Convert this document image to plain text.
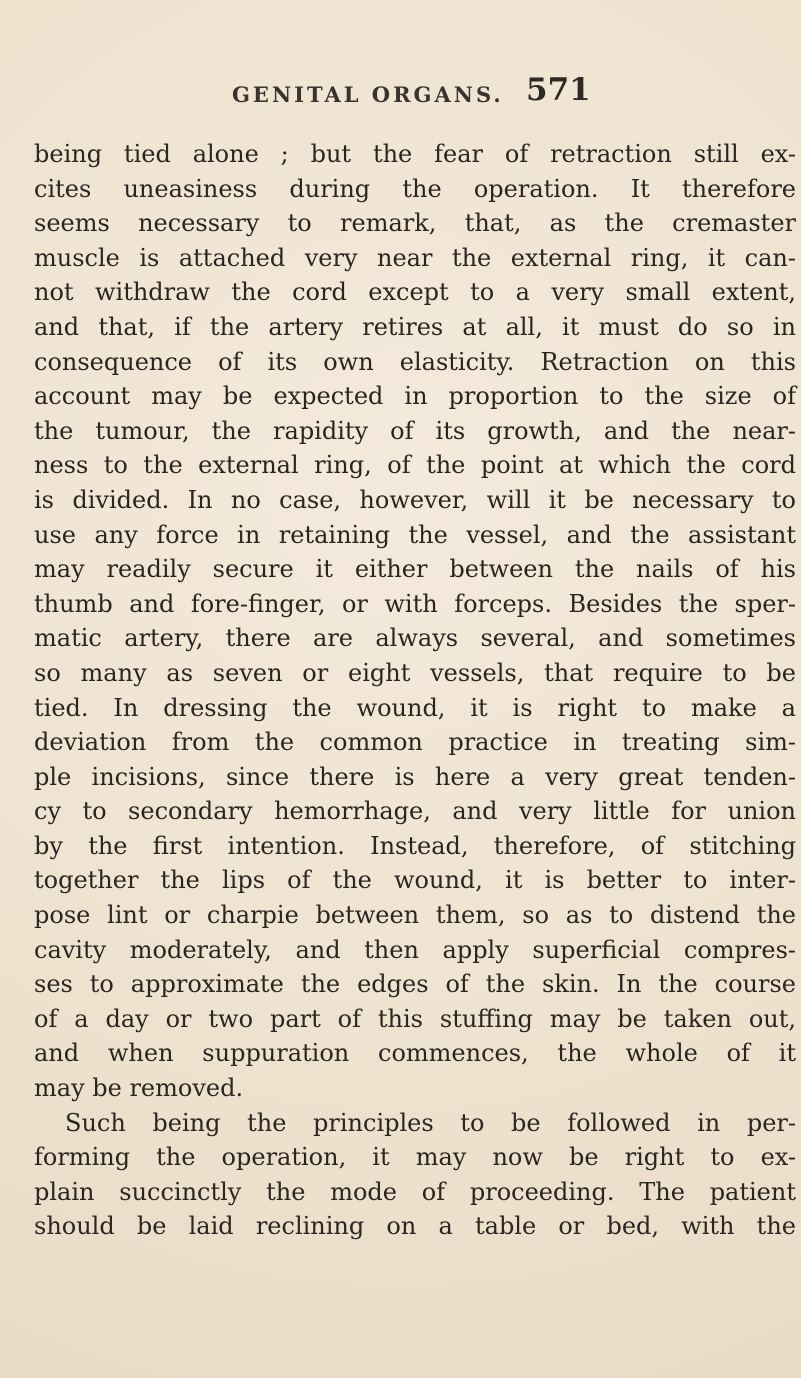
GENITAL ORGANS. 571
being tied alone ; but the fear of retraction still ex-
cites uneasiness during the operation. It therefore
seems necessary to remark, that, as the cremaster
muscle is attached very near the external ring, it can-
not withdraw the cord except to a very small extent,
and that, if the artery retires at all, it must do so in
consequence of its own elasticity. Retraction on this
account may be expected in proportion to the size of
the tumour, the rapidity of its growth, and the near-
ness to the external ring, of the point at which the cord
is divided. In no case, however, will it be necessary to
use any force in retaining the vessel, and the assistant
may readily secure it either between the nails of his
thumb and fore-finger, or with forceps. Besides the sper-
matic artery, there are always several, and sometimes
so many as seven or eight vessels, that require to be
tied. In dressing the wound, it is right to make a
deviation from the common practice in treating sim-
ple incisions, since there is here a very great tenden-
cy to secondary hemorrhage, and very little for union
by the first intention. Instead, therefore, of stitching
together the lips of the wound, it is better to inter-
pose lint or charpie between them, so as to distend the
cavity moderately, and then apply superficial compres-
ses to approximate the edges of the skin. In the course
of a day or two part of this stuffing may be taken out,
and when suppuration commences, the whole of it
may be removed.
Such being the principles to be followed in per-
forming the operation, it may now be right to ex-
plain succinctly the mode of proceeding. The patient
should be laid reclining on a table or bed, with the
